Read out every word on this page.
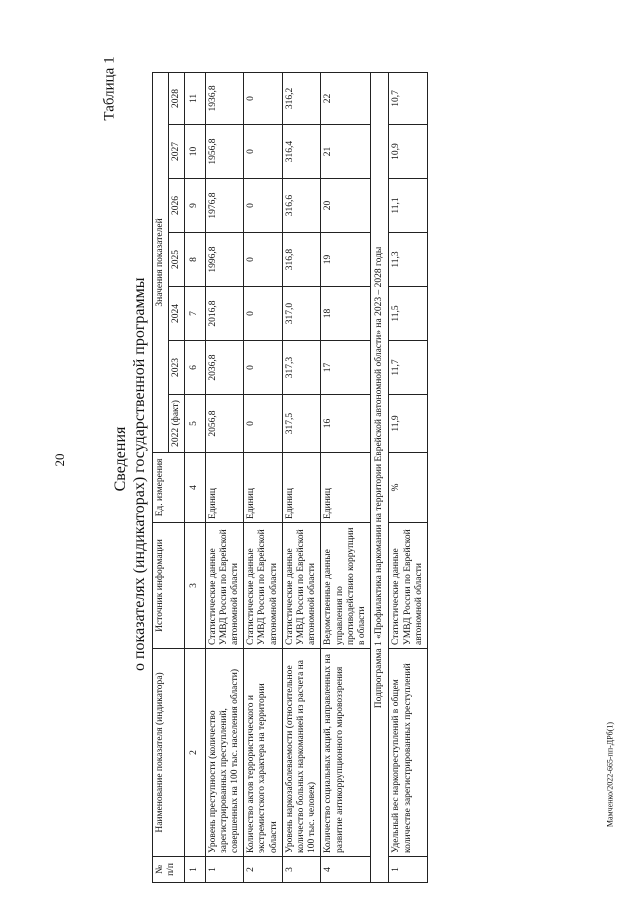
20
Таблица 1
Сведения о показателях (индикаторах) государственной программы
Мамченко/2022-665-пп-ДРб(1)
№ п/п	Наименование показателя (индикатора)	Источник информации	Ед. измерения	Значения показателей						
				2022 (факт)	2023	2024	2025	2026	2027	2028
1	2	3	4	5	6	7	8	9	10	11
1	Уровень преступности (количество зарегистрированных преступлений, совершенных на 100 тыс. населения области)	Статистические данные УМВД России по Еврейской автономной области	Единиц	2056,8	2036,8	2016,8	1996,8	1976,8	1956,8	1936,8
2	Количество актов террористического и экстремистского характера на территории области	Статистические данные УМВД России по Еврейской автономной области	Единиц	0	0	0	0	0	0	0
3	Уровень наркозаболеваемости (относительное количество больных наркоманией из расчета на 100 тыс. человек)	Статистические данные УМВД России по Еврейской автономной области	Единиц	317,5	317,3	317,0	316,8	316,6	316,4	316,2
4	Количество социальных акций, направленных на развитие антикоррупционного мировоззрения	Ведомственные данные управления по противодействию коррупции в области	Единиц	16	17	18	19	20	21	22
Подпрограмма 1 «Профилактика наркомании на территории Еврейской автономной области» на 2023 – 2028 годы										
1	Удельный вес наркопреступлений в общем количестве зарегистрированных преступлений	Статистические данные УМВД России по Еврейской автономной области	%	11,9	11,7	11,5	11,3	11,1	10,9	10,7
